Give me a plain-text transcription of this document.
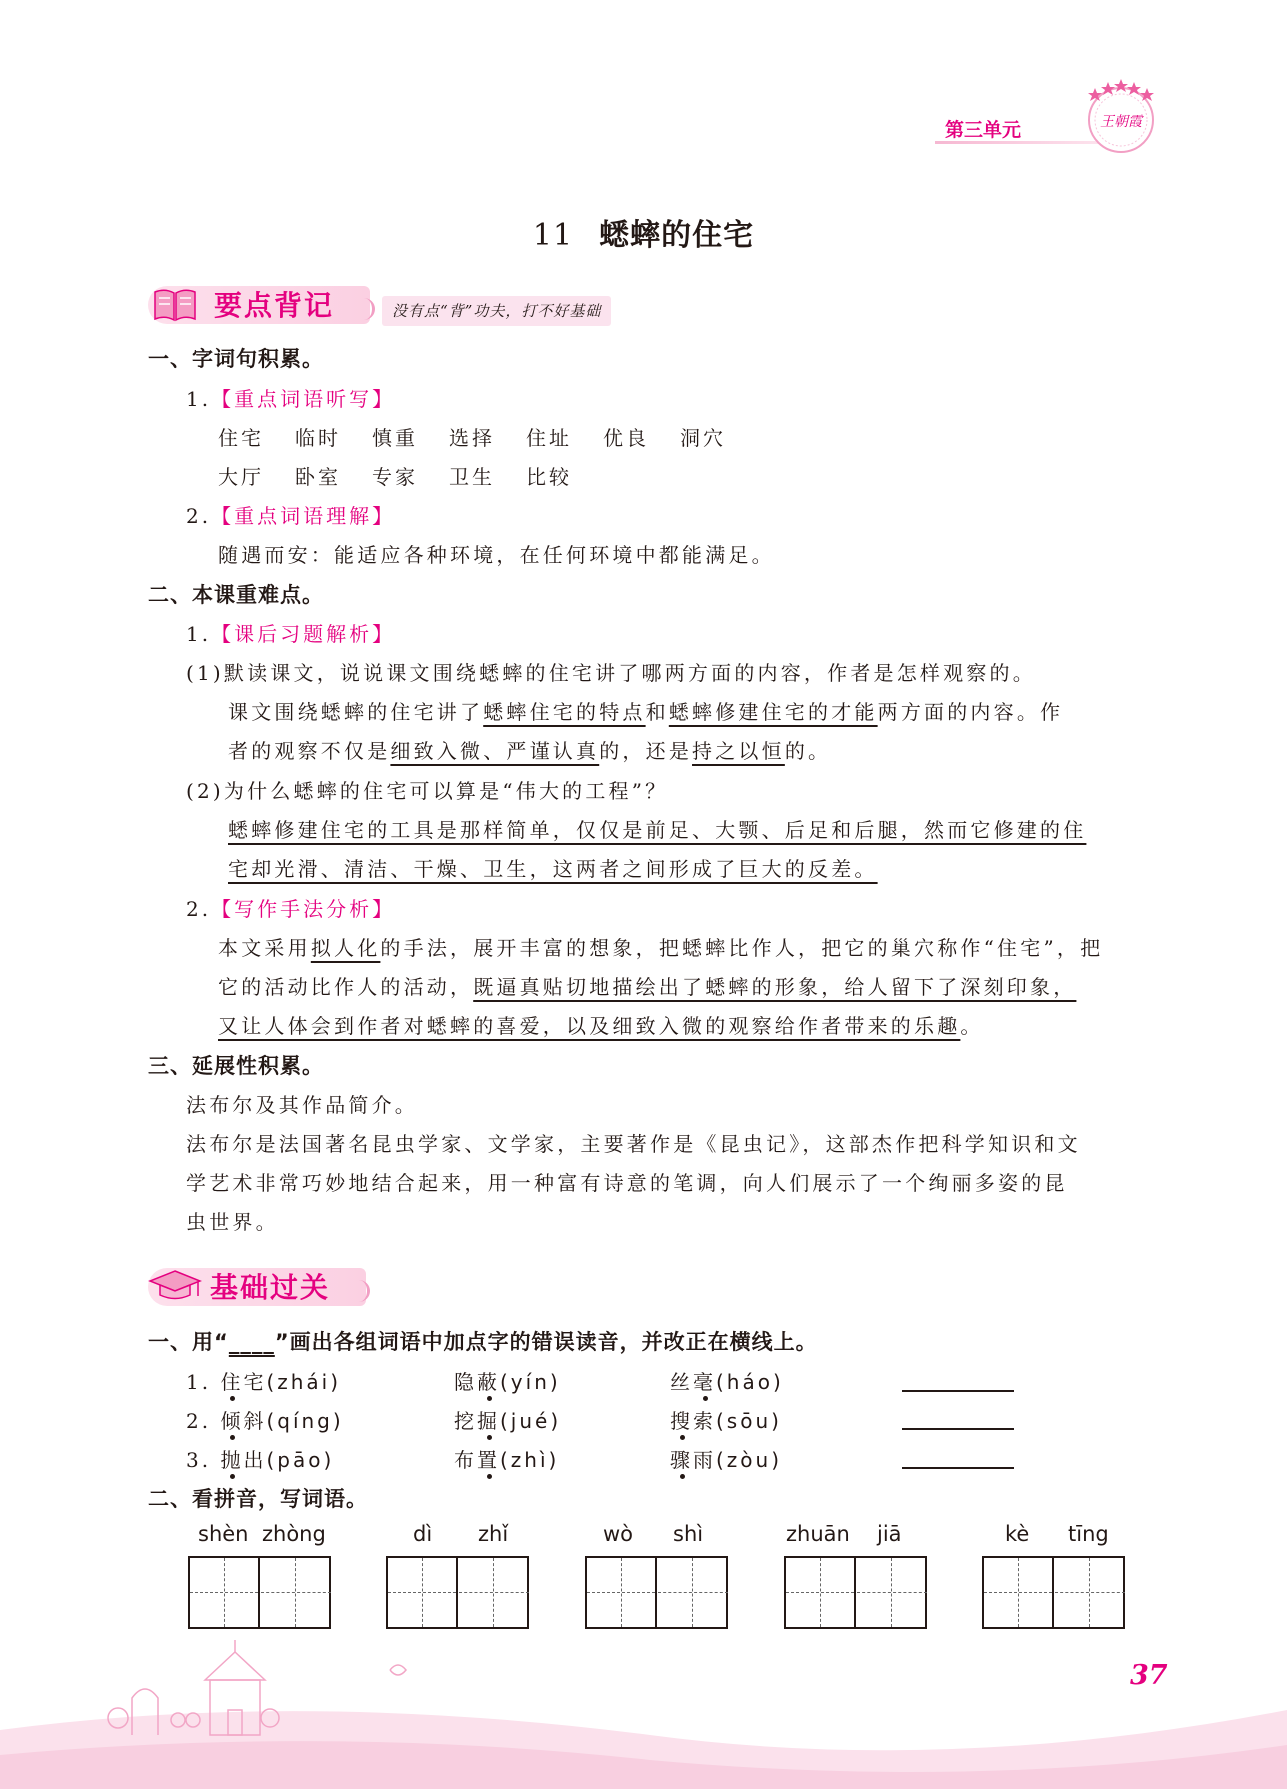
第三单元	王朝霞
11 蟋蟀的住宅
要点背记	没有点“背”功夫，打不好基础
一、字词句积累。
1.【重点词语听写】
住宅 临时 慎重 选择 住址 优良 洞穴
大厅 卧室 专家 卫生 比较
2.【重点词语理解】
随遇而安：能适应各种环境，在任何环境中都能满足。
二、本课重难点。
1.【课后习题解析】
(1)默读课文，说说课文围绕蟋蟀的住宅讲了哪两方面的内容，作者是怎样观察的。
课文围绕蟋蟀的住宅讲了蟋蟀住宅的特点和蟋蟀修建住宅的才能两方面的内容。作
者的观察不仅是细致入微、严谨认真的，还是持之以恒的。
(2)为什么蟋蟀的住宅可以算是“伟大的工程”？
蟋蟀修建住宅的工具是那样简单，仅仅是前足、大颚、后足和后腿，然而它修建的住
宅却光滑、清洁、干燥、卫生，这两者之间形成了巨大的反差。
2.【写作手法分析】
本文采用拟人化的手法，展开丰富的想象，把蟋蟀比作人，把它的巢穴称作“住宅”，把
它的活动比作人的活动，既逼真贴切地描绘出了蟋蟀的形象，给人留下了深刻印象，
又让人体会到作者对蟋蟀的喜爱，以及细致入微的观察给作者带来的乐趣。
三、延展性积累。
法布尔及其作品简介。
法布尔是法国著名昆虫学家、文学家，主要著作是《昆虫记》，这部杰作把科学知识和文
学艺术非常巧妙地结合起来，用一种富有诗意的笔调，向人们展示了一个绚丽多姿的昆
虫世界。
基础过关
一、用“____”画出各组词语中加点字的错误读音，并改正在横线上。
1. 住宅(zhái)	隐蔽(yín)	丝毫(háo)
2. 倾斜(qíng)	挖掘(jué)	搜索(sōu)
3. 抛出(pāo)	布置(zhì)	骤雨(zòu)
二、看拼音，写词语。
shèn zhòng	dì zhǐ	wò shì	zhuān jiā	kè tīng
37
